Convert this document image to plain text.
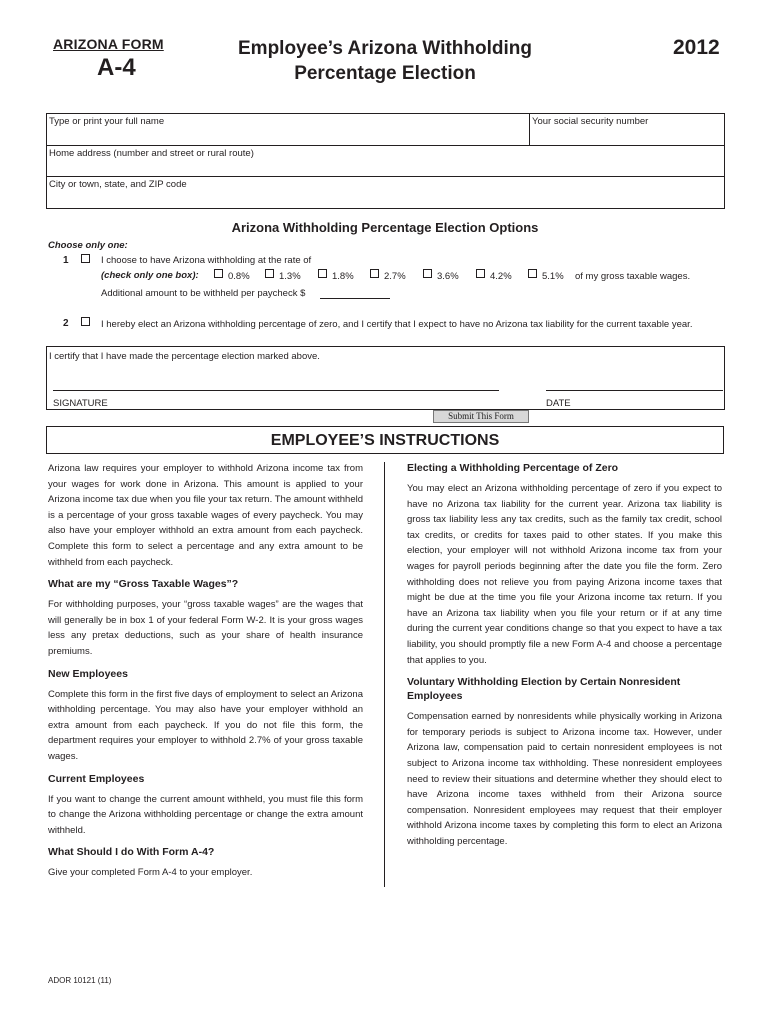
ARIZONA FORM
A-4
Employee’s Arizona Withholding
Percentage Election
2012
Type or print your full name	Your social security number
Home address (number and street or rural route)
City or town, state, and ZIP code
Arizona Withholding Percentage Election Options
Choose only one:
1	I choose to have Arizona withholding at the rate of
(check only one box):	0.8%	1.3%	1.8%	2.7%	3.6%	4.2%	5.1% of my gross taxable wages.
Additional amount to be withheld per paycheck $
2	I hereby elect an Arizona withholding percentage of zero, and I certify that I expect to have no Arizona tax liability for the current taxable year.
I certify that I have made the percentage election marked above.
SIGNATURE	DATE
Submit This Form
EMPLOYEE’S INSTRUCTIONS

Arizona law requires your employer to withhold Arizona income tax from your wages for work done in Arizona. This amount is applied to your Arizona income tax due when you file your tax return. The amount withheld is a percentage of your gross taxable wages of every paycheck. You may also have your employer withhold an extra amount from each paycheck. Complete this form to select a percentage and any extra amount to be withheld from each paycheck.

What are my “Gross Taxable Wages”?

For withholding purposes, your “gross taxable wages” are the wages that will generally be in box 1 of your federal Form W-2. It is your gross wages less any pretax deductions, such as your share of health insurance premiums.

New Employees

Complete this form in the first five days of employment to select an Arizona withholding percentage. You may also have your employer withhold an extra amount from each paycheck. If you do not file this form, the department requires your employer to withhold 2.7% of your gross taxable wages.

Current Employees

If you want to change the current amount withheld, you must file this form to change the Arizona withholding percentage or change the extra amount withheld.

What Should I do With Form A-4?

Give your completed Form A-4 to your employer.

Electing a Withholding Percentage of Zero

You may elect an Arizona withholding percentage of zero if you expect to have no Arizona tax liability for the current year. Arizona tax liability is gross tax liability less any tax credits, such as the family tax credit, school tax credits, or credits for taxes paid to other states. If you make this election, your employer will not withhold Arizona income tax from your wages for payroll periods beginning after the date you file the form. Zero withholding does not relieve you from paying Arizona income taxes that might be due at the time you file your Arizona income tax return. If you have an Arizona tax liability when you file your return or if at any time during the current year conditions change so that you expect to have a tax liability, you should promptly file a new Form A-4 and choose a percentage that applies to you.

Voluntary Withholding Election by Certain Nonresident Employees

Compensation earned by nonresidents while physically working in Arizona for temporary periods is subject to Arizona income tax. However, under Arizona law, compensation paid to certain nonresident employees is not subject to Arizona income tax withholding. These nonresident employees need to review their situations and determine whether they should elect to have Arizona income taxes withheld from their Arizona source compensation. Nonresident employees may request that their employer withhold Arizona income taxes by completing this form to elect an Arizona withholding percentage.

ADOR 10121 (11)
